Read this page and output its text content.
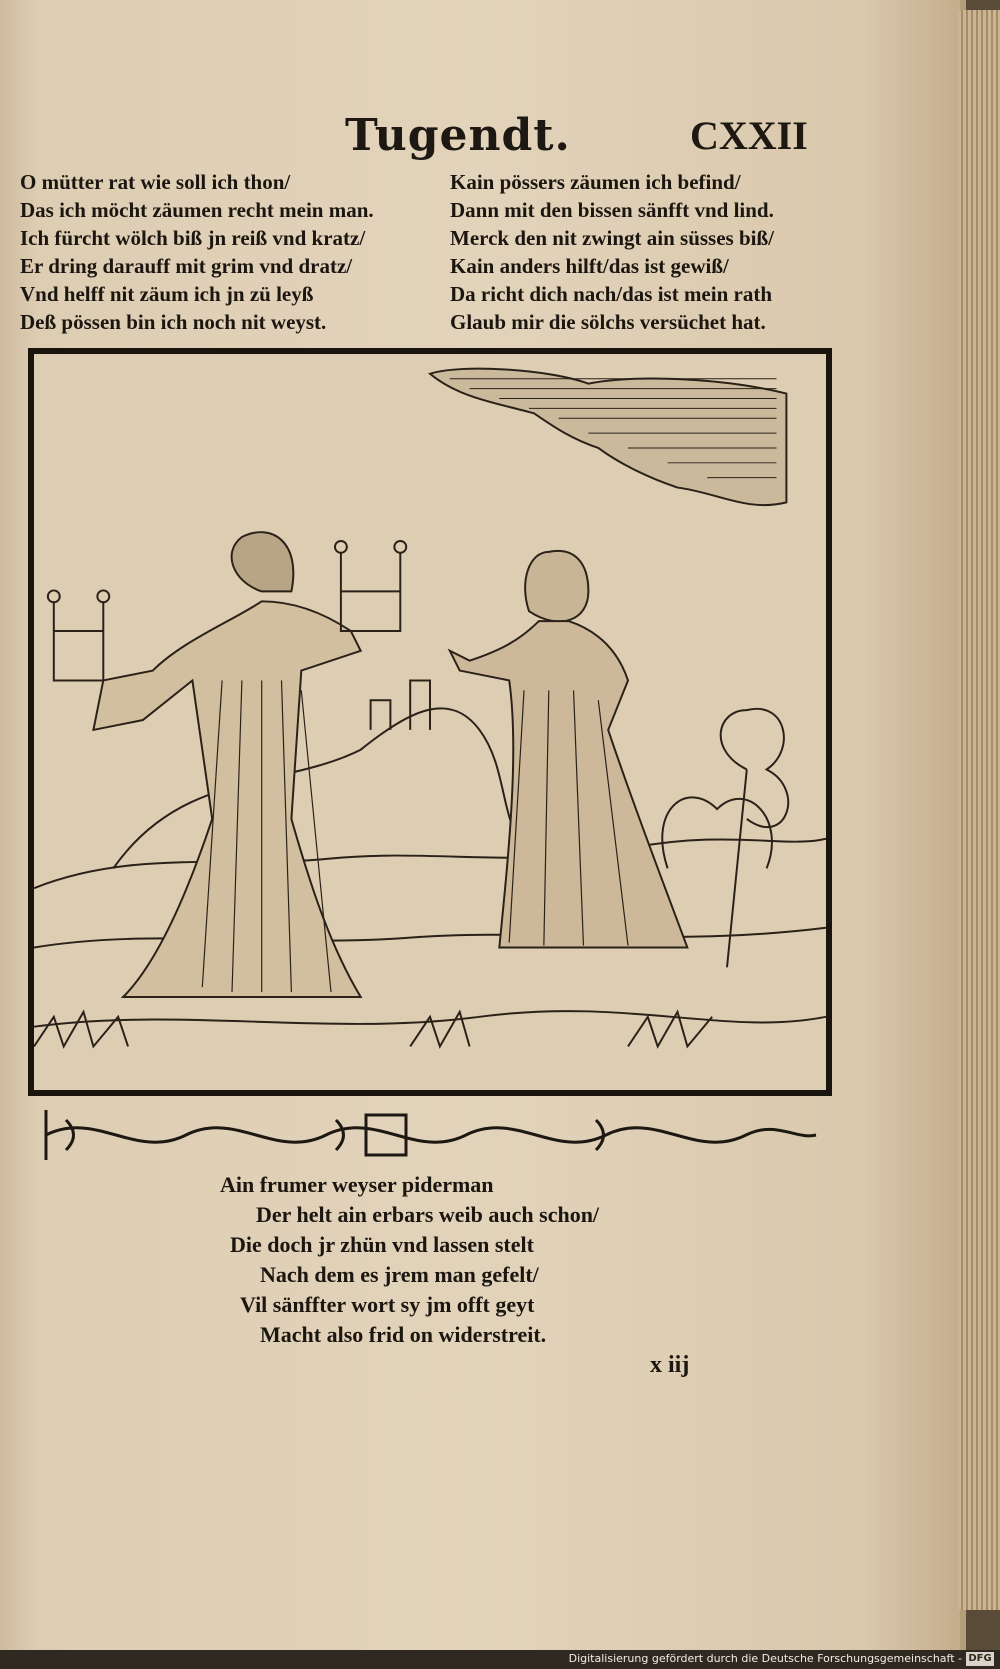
Tugendt.	CXXII
O mütter rat wie soll ich thon/
Das ich möcht zäumen recht mein man.
Ich fürcht wölch biß jn reiß vnd kratz/
Er dring darauff mit grim vnd dratz/
Vnd helff nit zäum ich jn zü leyß
Deß pössen bin ich noch nit weyst.
Kain pössers zäumen ich befind/
Dann mit den bissen sänfft vnd lind.
Merck den nit zwingt ain süsses biß/
Kain anders hilft/das ist gewiß/
Da richt dich nach/das ist mein rath
Glaub mir die sölchs versüchet hat.
Ain frumer weyser piderman
Der helt ain erbars weib auch schon/
Die doch jr zhün vnd lassen stelt
Nach dem es jrem man gefelt/
Vil sänffter wort sy jm offt geyt
Macht also frid on widerstreit.
x iij
Digitalisierung gefördert durch die Deutsche Forschungsgemeinschaft - DFG
